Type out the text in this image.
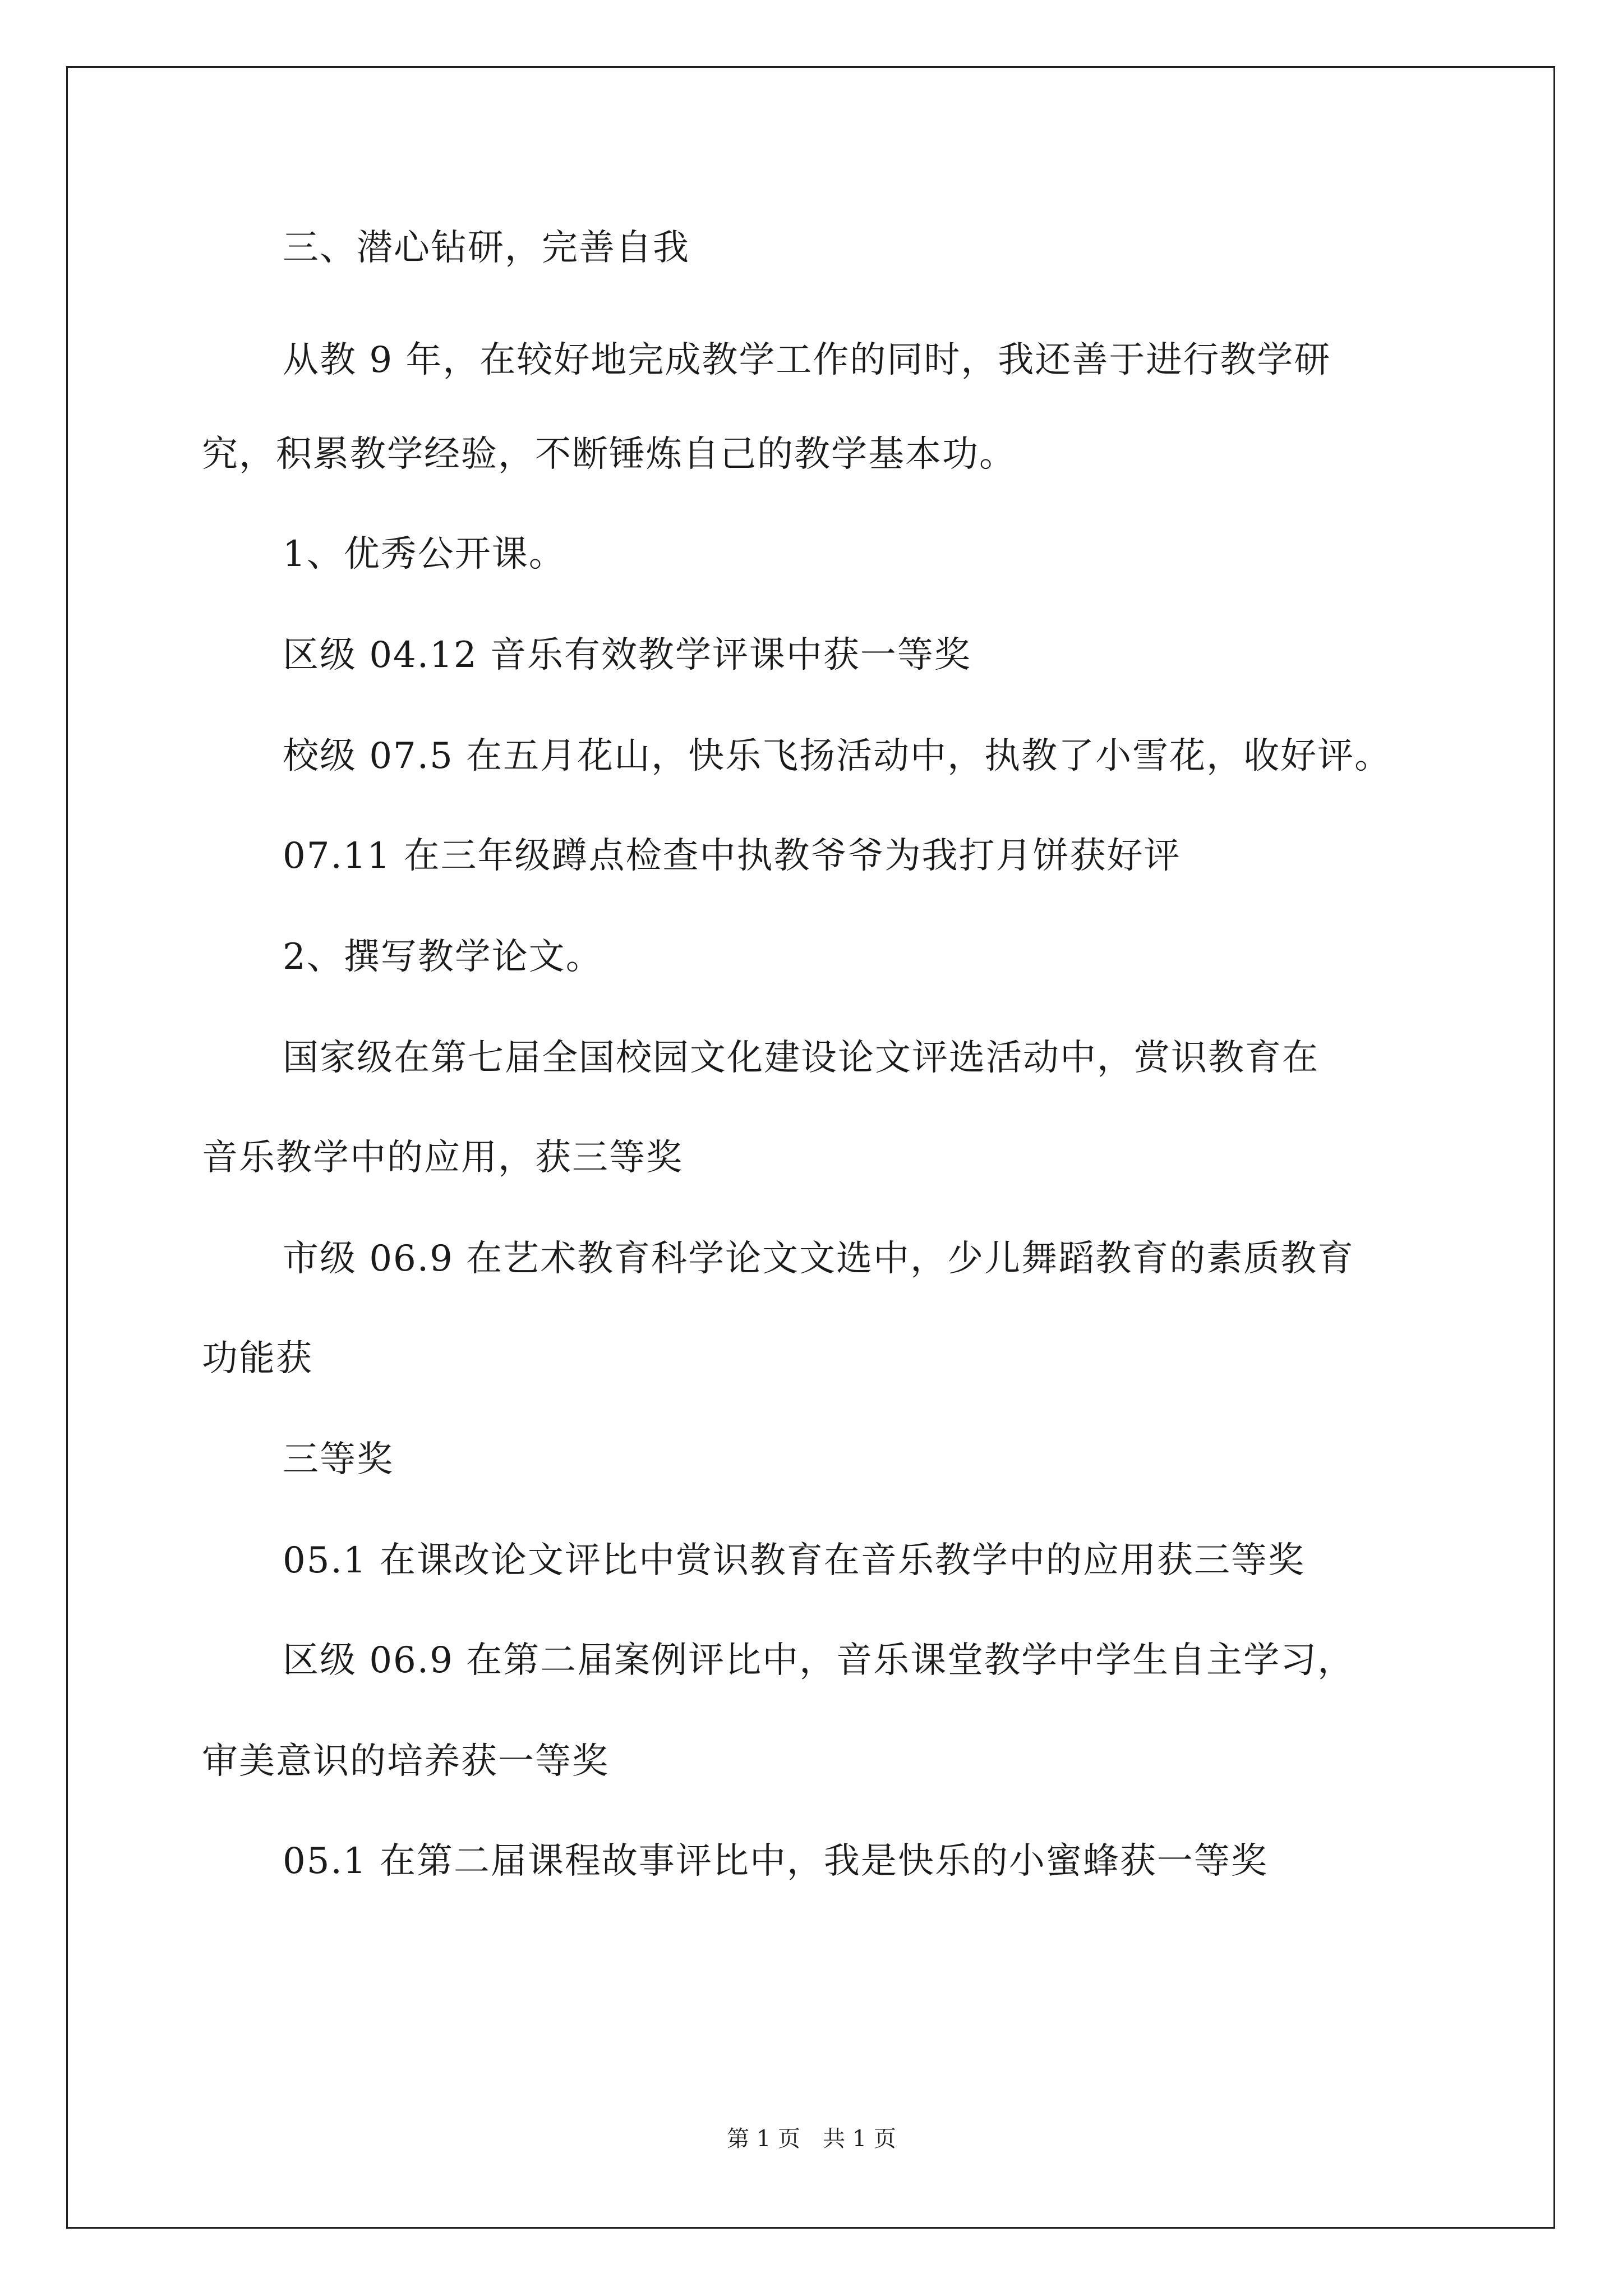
三、潜心钻研，完善自我
从教 9 年，在较好地完成教学工作的同时，我还善于进行教学研
究，积累教学经验，不断锤炼自己的教学基本功。
1、优秀公开课。
区级 04.12 音乐有效教学评课中获一等奖
校级 07.5 在五月花山，快乐飞扬活动中，执教了小雪花，收好评。
07.11 在三年级蹲点检查中执教爷爷为我打月饼获好评
2、撰写教学论文。
国家级在第七届全国校园文化建设论文评选活动中，赏识教育在
音乐教学中的应用，获三等奖
市级 06.9 在艺术教育科学论文文选中，少儿舞蹈教育的素质教育
功能获
三等奖
05.1 在课改论文评比中赏识教育在音乐教学中的应用获三等奖
区级 06.9 在第二届案例评比中，音乐课堂教学中学生自主学习，
审美意识的培养获一等奖
05.1 在第二届课程故事评比中，我是快乐的小蜜蜂获一等奖
第 1 页 共 1 页
